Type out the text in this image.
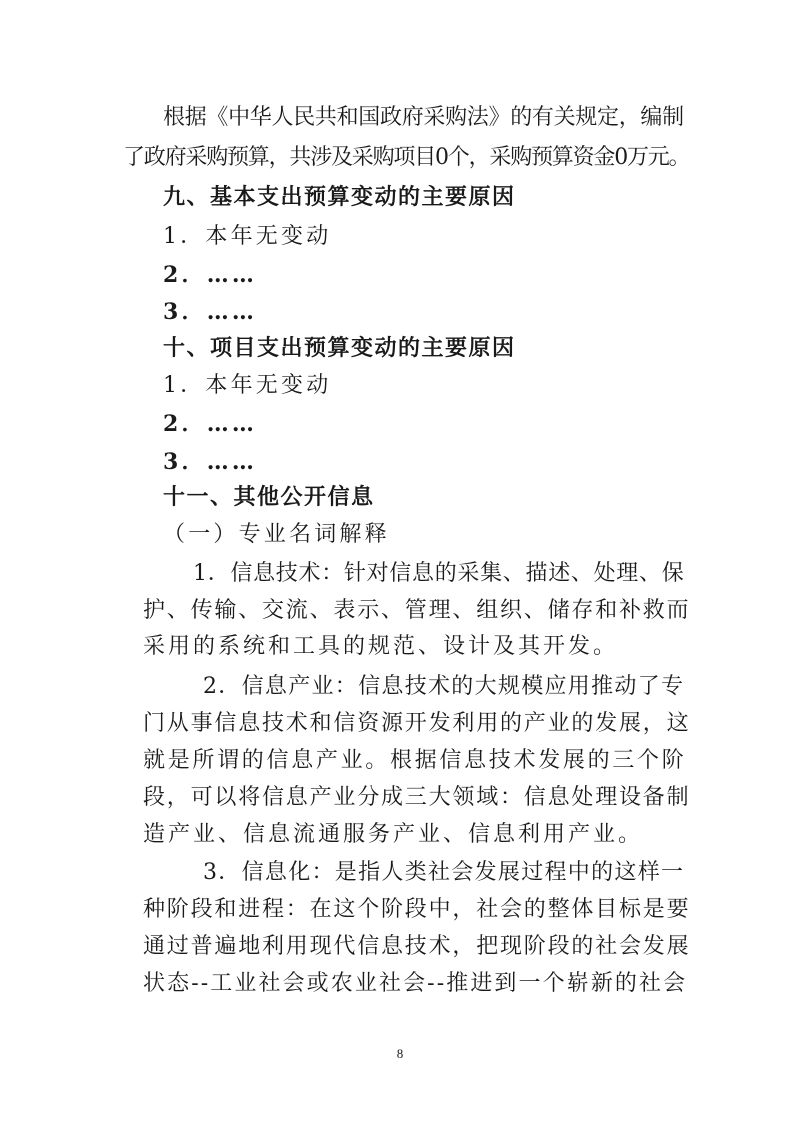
根据《中华人民共和国政府采购法》的有关规定，编制
了政府采购预算，共涉及采购项目0个，采购预算资金0万元。
九、基本支出预算变动的主要原因
1．本年无变动
2．……
3．……
十、项目支出预算变动的主要原因
1．本年无变动
2．……
3．……
十一、其他公开信息
（一）专业名词解释
1．信息技术：针对信息的采集、描述、处理、保
护、传输、交流、表示、管理、组织、储存和补救而
采用的系统和工具的规范、设计及其开发。
2．信息产业：信息技术的大规模应用推动了专
门从事信息技术和信资源开发利用的产业的发展，这
就是所谓的信息产业。根据信息技术发展的三个阶
段，可以将信息产业分成三大领域：信息处理设备制
造产业、信息流通服务产业、信息利用产业。
3．信息化：是指人类社会发展过程中的这样一
种阶段和进程：在这个阶段中，社会的整体目标是要
通过普遍地利用现代信息技术，把现阶段的社会发展
状态--工业社会或农业社会--推进到一个崭新的社会
8
